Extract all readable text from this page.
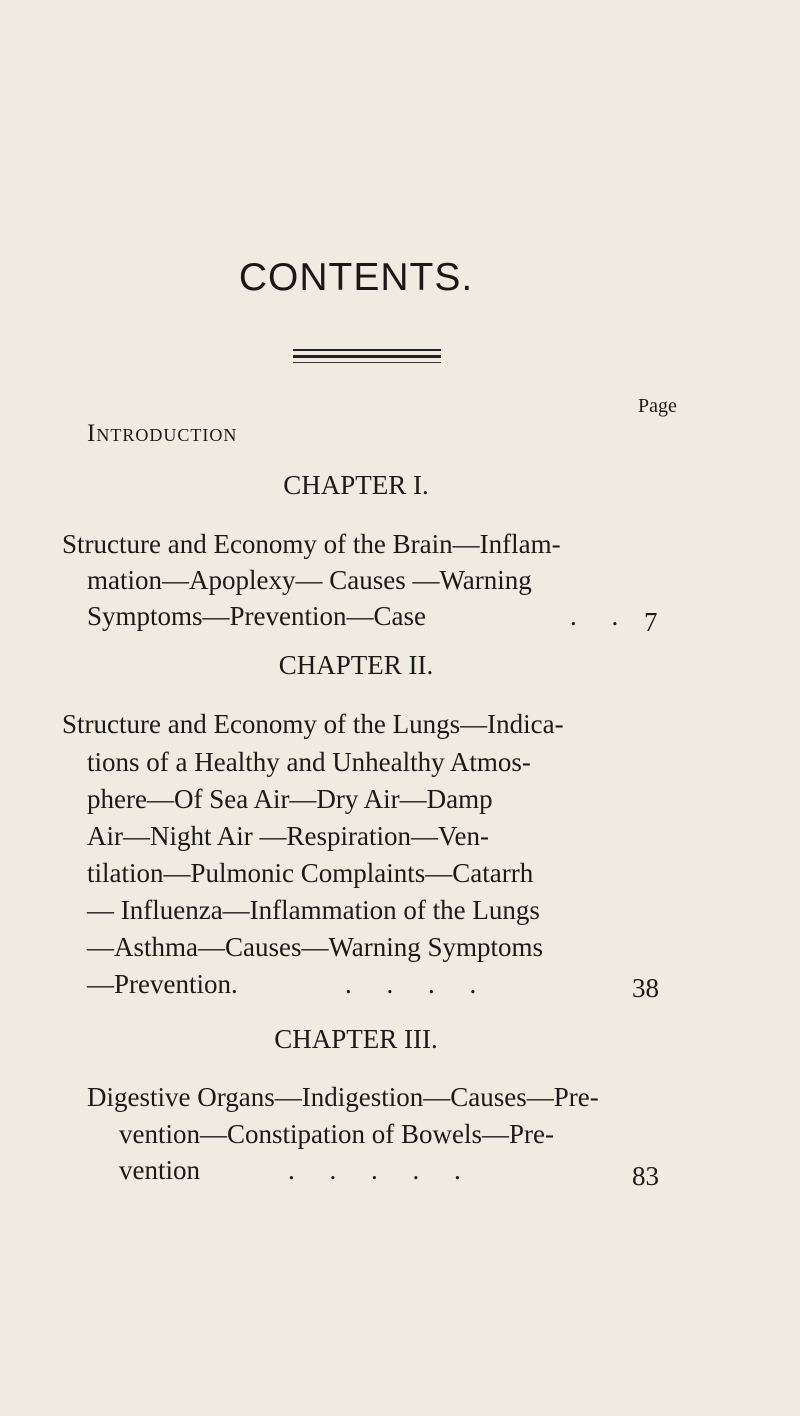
CONTENTS.
Page
Introduction
CHAPTER I.
Structure and Economy of the Brain—Inflam-
mation—Apoplexy— Causes —Warning
Symptoms—Prevention—Case	. . 7
CHAPTER II.
Structure and Economy of the Lungs—Indica-
tions of a Healthy and Unhealthy Atmos-
phere—Of Sea Air—Dry Air—Damp
Air—Night Air —Respiration—Ven-
tilation—Pulmonic Complaints—Catarrh
— Influenza—Inflammation of the Lungs
—Asthma—Causes—Warning Symptoms
—Prevention.	. . . .	38
CHAPTER III.
Digestive Organs—Indigestion—Causes—Pre-
vention—Constipation of Bowels—Pre-
vention	. . . . .	83
